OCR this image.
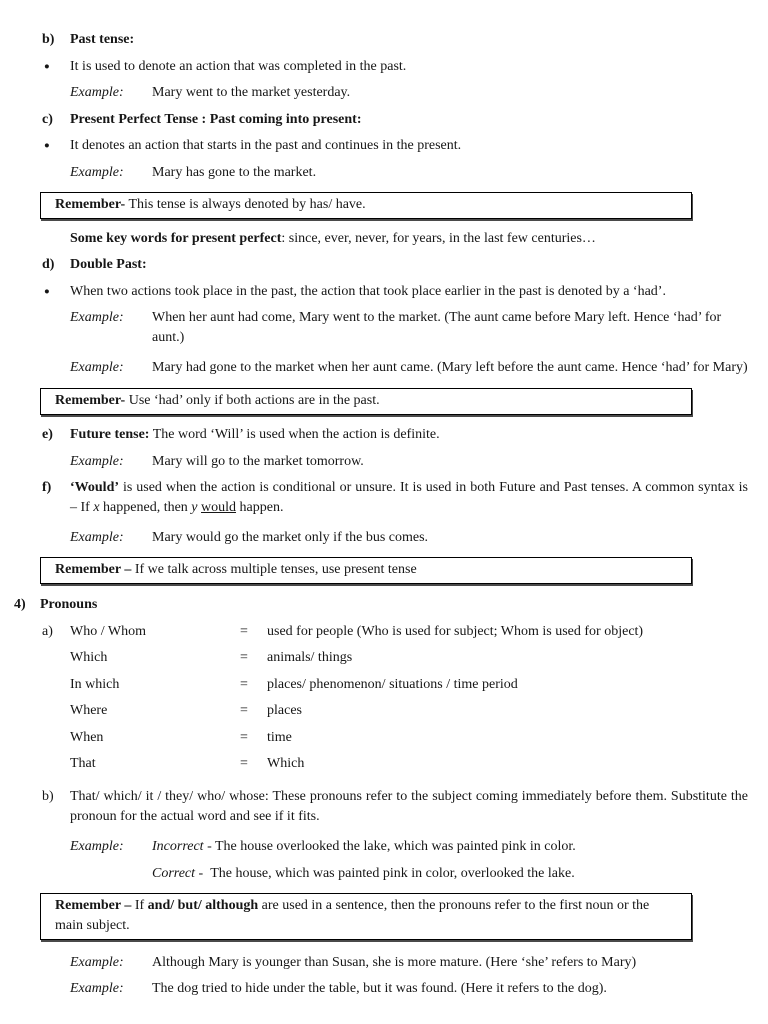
b)	Past tense:
●	It is used to denote an action that was completed in the past.
Example:	Mary went to the market yesterday.
c)	Present Perfect Tense : Past coming into present:
●	It denotes an action that starts in the past and continues in the present.
Example:	Mary has gone to the market.
Remember- This tense is always denoted by has/ have.
Some key words for present perfect: since, ever, never, for years, in the last few centuries…
d)	Double Past:
●	When two actions took place in the past, the action that took place earlier in the past is denoted by a ‘had’.
Example:	When her aunt had come, Mary went to the market. (The aunt came before Mary left. Hence ‘had’ for aunt.)
Example:	Mary had gone to the market when her aunt came. (Mary left before the aunt came. Hence ‘had’ for Mary)
Remember- Use ‘had’ only if both actions are in the past.
e)	Future tense: The word ‘Will’ is used when the action is definite.
Example:	Mary will go to the market tomorrow.
f)	‘Would’ is used when the action is conditional or unsure. It is used in both Future and Past tenses. A common syntax is – If x happened, then y would happen.
Example:	Mary would go the market only if the bus comes.
Remember – If we talk across multiple tenses, use present tense
4)	Pronouns
a)	Who / Whom	=	used for people (Who is used for subject; Whom is used for object)
Which	=	animals/ things
In which	=	places/ phenomenon/ situations / time period
Where	=	places
When	=	time
That	=	Which
b)	That/ which/ it / they/ who/ whose: These pronouns refer to the subject coming immediately before them. Substitute the pronoun for the actual word and see if it fits.
Example:	Incorrect - The house overlooked the lake, which was painted pink in color.
Correct - The house, which was painted pink in color, overlooked the lake.
Remember – If and/ but/ although are used in a sentence, then the pronouns refer to the first noun or the main subject.
Example:	Although Mary is younger than Susan, she is more mature. (Here ‘she’ refers to Mary)
Example:	The dog tried to hide under the table, but it was found. (Here it refers to the dog).
